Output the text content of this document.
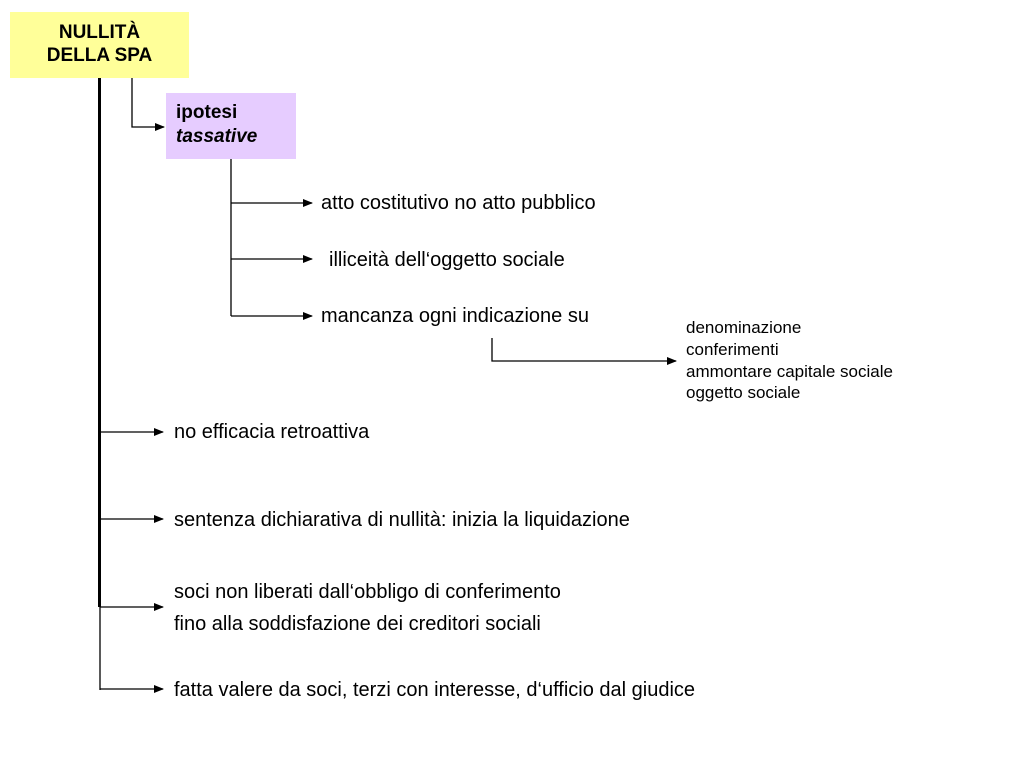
NULLITÀ
DELLA SPA
ipotesi
tassative
atto costitutivo no atto pubblico
illiceità dell‘oggetto sociale
mancanza ogni indicazione su
denominazione
conferimenti
ammontare capitale sociale
oggetto sociale
no efficacia retroattiva
sentenza dichiarativa di nullità: inizia la liquidazione
soci non liberati dall‘obbligo di conferimento
fino alla soddisfazione dei creditori sociali
fatta valere da soci, terzi con interesse, d‘ufficio dal giudice
